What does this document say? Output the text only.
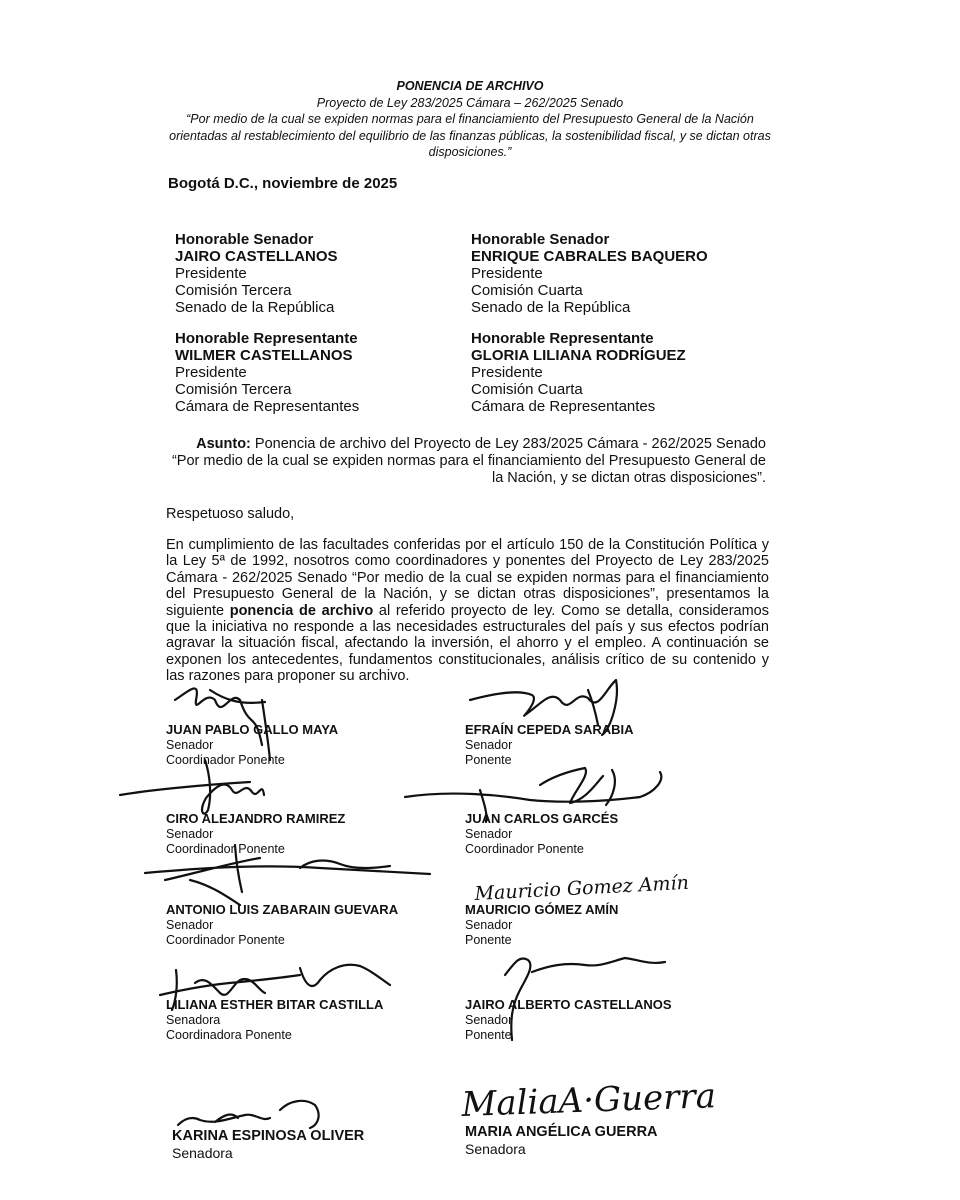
PONENCIA DE ARCHIVO
Proyecto de Ley 283/2025 Cámara – 262/2025 Senado
“Por medio de la cual se expiden normas para el financiamiento del Presupuesto General de la Nación
orientadas al restablecimiento del equilibrio de las finanzas públicas, la sostenibilidad fiscal, y se dictan otras
disposiciones.”
Bogotá D.C., noviembre de 2025
Honorable Senador
JAIRO CASTELLANOS
Presidente
Comisión Tercera
Senado de la República
Honorable Senador
ENRIQUE CABRALES BAQUERO
Presidente
Comisión Cuarta
Senado de la República
Honorable Representante
WILMER CASTELLANOS
Presidente
Comisión Tercera
Cámara de Representantes
Honorable Representante
GLORIA LILIANA RODRÍGUEZ
Presidente
Comisión Cuarta
Cámara de Representantes
Asunto: Ponencia de archivo del Proyecto de Ley 283/2025 Cámara - 262/2025 Senado
“Por medio de la cual se expiden normas para el financiamiento del Presupuesto General de
la Nación, y se dictan otras disposiciones”.
Respetuoso saludo,
En cumplimiento de las facultades conferidas por el artículo 150 de la Constitución Política y la Ley 5ª de 1992, nosotros como coordinadores y ponentes del Proyecto de Ley 283/2025 Cámara - 262/2025 Senado “Por medio de la cual se expiden normas para el financiamiento del Presupuesto General de la Nación, y se dictan otras disposiciones”, presentamos la siguiente ponencia de archivo al referido proyecto de ley. Como se detalla, consideramos que la iniciativa no responde a las necesidades estructurales del país y sus efectos podrían agravar la situación fiscal, afectando la inversión, el ahorro y el empleo. A continuación se exponen los antecedentes, fundamentos constitucionales, análisis crítico de su contenido y las razones para proponer su archivo.
JUAN PABLO GALLO MAYA
Senador
Coordinador Ponente
EFRAÍN CEPEDA SARABIA
Senador
Ponente
CIRO ALEJANDRO RAMIREZ
Senador
Coordinador Ponente
JUAN CARLOS GARCÉS
Senador
Coordinador Ponente
ANTONIO LUIS ZABARAIN GUEVARA
Senador
Coordinador Ponente
MAURICIO GÓMEZ AMÍN
Senador
Ponente
LILIANA ESTHER BITAR CASTILLA
Senadora
Coordinadora Ponente
JAIRO ALBERTO CASTELLANOS
Senador
Ponente
KARINA ESPINOSA OLIVER
Senadora
MARIA ANGÉLICA GUERRA
Senadora
Mauricio Gomez Amín
MaliaA·Guerra
